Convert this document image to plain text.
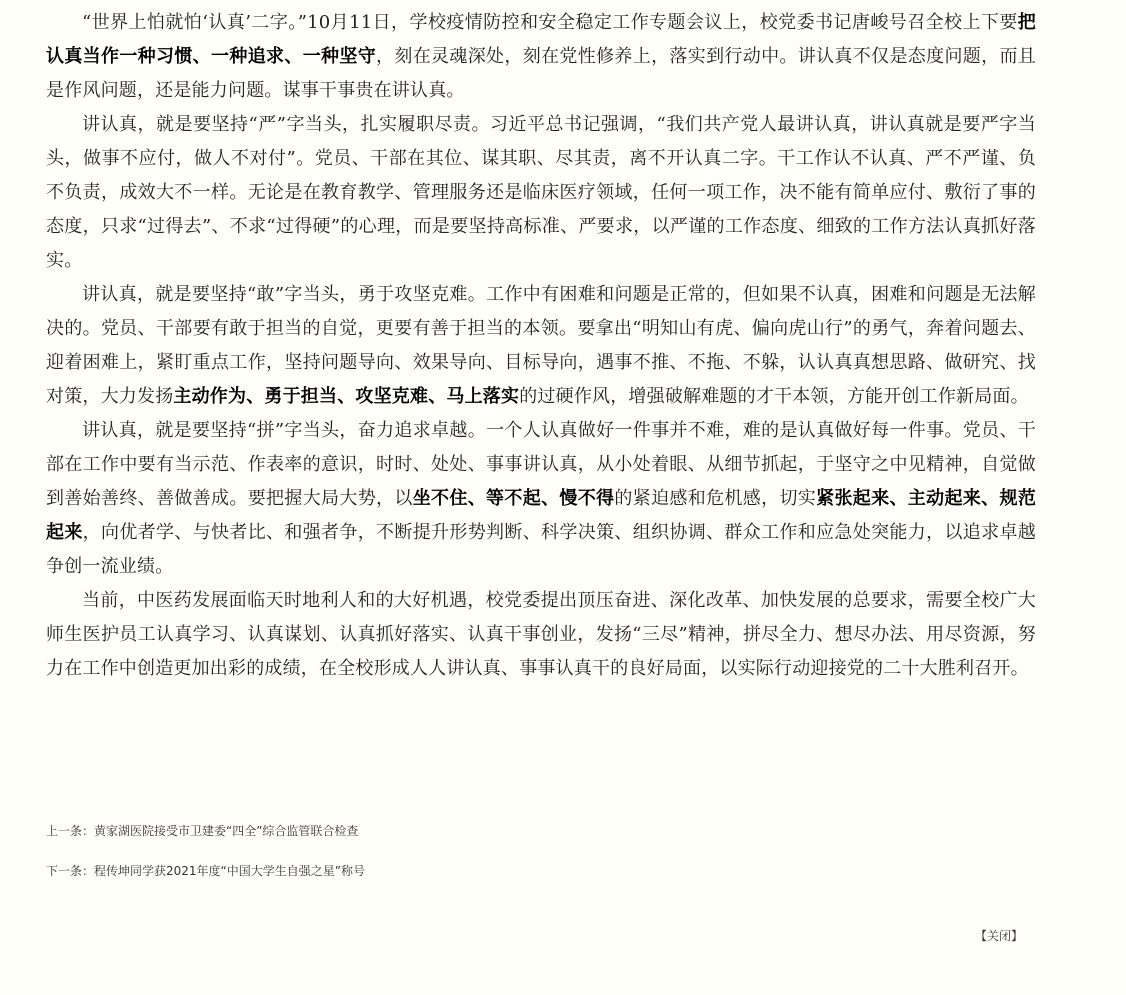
“世界上怕就怕‘认真’二字。”10月11日，学校疫情防控和安全稳定工作专题会议上，校党委书记唐峻号召全校上下要把认真当作一种习惯、一种追求、一种坚守，刻在灵魂深处，刻在党性修养上，落实到行动中。讲认真不仅是态度问题，而且是作风问题，还是能力问题。谋事干事贵在讲认真。

讲认真，就是要坚持“严”字当头，扎实履职尽责。习近平总书记强调，“我们共产党人最讲认真，讲认真就是要严字当头，做事不应付，做人不对付”。党员、干部在其位、谋其职、尽其责，离不开认真二字。干工作认不认真、严不严谨、负不负责，成效大不一样。无论是在教育教学、管理服务还是临床医疗领域，任何一项工作，决不能有简单应付、敷衍了事的态度，只求“过得去”、不求“过得硬”的心理，而是要坚持高标准、严要求，以严谨的工作态度、细致的工作方法认真抓好落实。

讲认真，就是要坚持“敢”字当头，勇于攻坚克难。工作中有困难和问题是正常的，但如果不认真，困难和问题是无法解决的。党员、干部要有敢于担当的自觉，更要有善于担当的本领。要拿出“明知山有虎、偏向虎山行”的勇气，奔着问题去、迎着困难上，紧盯重点工作，坚持问题导向、效果导向、目标导向，遇事不推、不拖、不躲，认认真真想思路、做研究、找对策，大力发扬主动作为、勇于担当、攻坚克难、马上落实的过硬作风，增强破解难题的才干本领，方能开创工作新局面。

讲认真，就是要坚持“拼”字当头，奋力追求卓越。一个人认真做好一件事并不难，难的是认真做好每一件事。党员、干部在工作中要有当示范、作表率的意识，时时、处处、事事讲认真，从小处着眼、从细节抓起，于坚守之中见精神，自觉做到善始善终、善做善成。要把握大局大势，以坐不住、等不起、慢不得的紧迫感和危机感，切实紧张起来、主动起来、规范起来，向优者学、与快者比、和强者争，不断提升形势判断、科学决策、组织协调、群众工作和应急处突能力，以追求卓越争创一流业绩。

当前，中医药发展面临天时地利人和的大好机遇，校党委提出顶压奋进、深化改革、加快发展的总要求，需要全校广大师生医护员工认真学习、认真谋划、认真抓好落实、认真干事创业，发扬“三尽”精神，拼尽全力、想尽办法、用尽资源，努力在工作中创造更加出彩的成绩，在全校形成人人讲认真、事事认真干的良好局面，以实际行动迎接党的二十大胜利召开。

上一条：黄家湖医院接受市卫建委“四全”综合监管联合检查
下一条：程传坤同学获2021年度“中国大学生自强之星”称号
【关闭】
